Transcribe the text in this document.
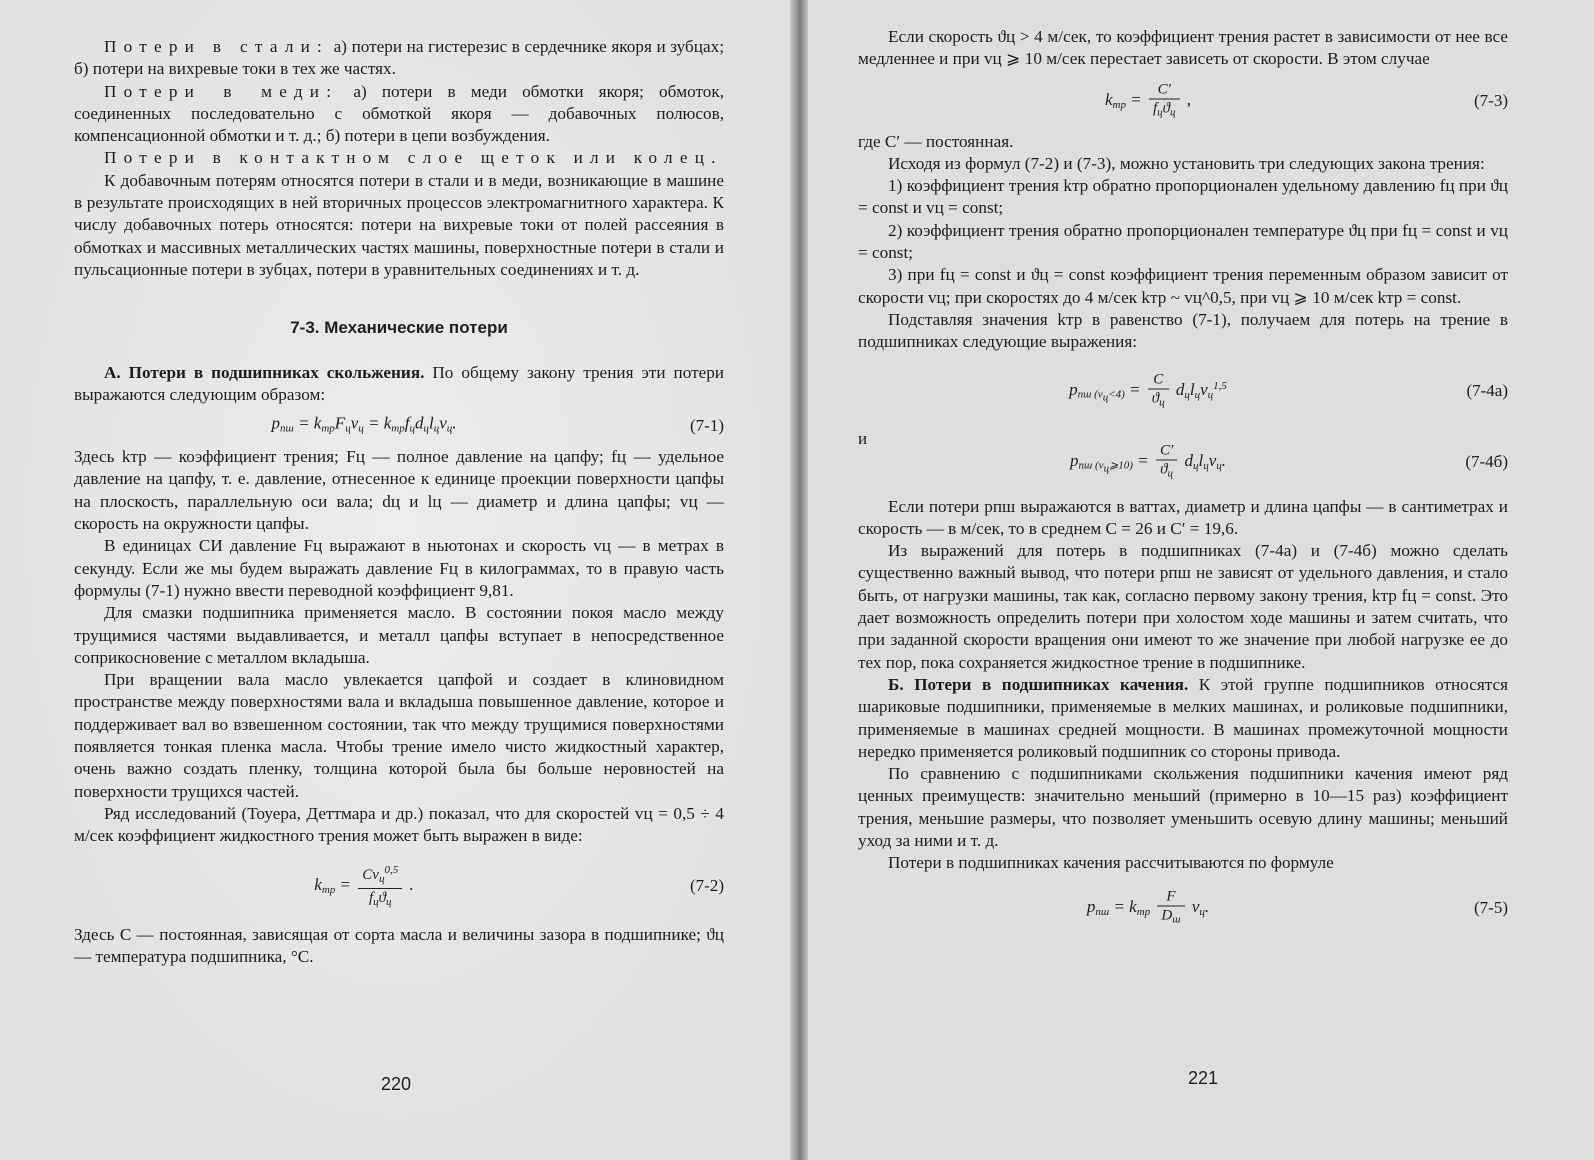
Потери в стали: а) потери на гистерезис в сердечнике якоря и зубцах; б) потери на вихревые токи в тех же частях.

Потери в меди: а) потери в меди обмотки якоря; обмоток, соединенных последовательно с обмоткой якоря — добавочных полюсов, компенсационной обмотки и т. д.; б) потери в цепи возбуждения.

Потери в контактном слое щеток или колец.

К добавочным потерям относятся потери в стали и в меди, возникающие в машине в результате происходящих в ней вторичных процессов электромагнитного характера. К числу добавочных потерь относятся: потери на вихревые токи от полей рассеяния в обмотках и массивных металлических частях машины, поверхностные потери в стали и пульсационные потери в зубцах, потери в уравнительных соединениях и т. д.

7-3. Механические потери

А. Потери в подшипниках скольжения. По общему закону трения эти потери выражаются следующим образом:

$p_{пш} = k_{тр}F_цv_ц = k_{тр}f_цd_цl_цv_ц$.	(7-1)

Здесь kтр — коэффициент трения; Fц — полное давление на цапфу; fц — удельное давление на цапфу, т. е. давление, отнесенное к единице проекции поверхности цапфы на плоскость, параллельную оси вала; dц и lц — диаметр и длина цапфы; vц — скорость на окружности цапфы.

В единицах СИ давление Fц выражают в ньютонах и скорость vц — в метрах в секунду. Если же мы будем выражать давление Fц в килограммах, то в правую часть формулы (7-1) нужно ввести переводной коэффициент 9,81.

Для смазки подшипника применяется масло. В состоянии покоя масло между трущимися частями выдавливается, и металл цапфы вступает в непосредственное соприкосновение с металлом вкладыша.

При вращении вала масло увлекается цапфой и создает в клиновидном пространстве между поверхностями вала и вкладыша повышенное давление, которое и поддерживает вал во взвешенном состоянии, так что между трущимися поверхностями появляется тонкая пленка масла. Чтобы трение имело чисто жидкостный характер, очень важно создать пленку, толщина которой была бы больше неровностей на поверхности трущихся частей.

Ряд исследований (Тоуера, Деттмара и др.) показал, что для скоростей vц = 0,5 ÷ 4 м/сек коэффициент жидкостного трения может быть выражен в виде:

$k_{тр} = \frac{Cv_ц^{0,5}}{f_цϑ_ц}$ .	(7-2)

Здесь C — постоянная, зависящая от сорта масла и величины зазора в подшипнике; ϑц — температура подшипника, °C.

220

Если скорость ϑц > 4 м/сек, то коэффициент трения растет в зависимости от нее все медленнее и при vц ⩾ 10 м/сек перестает зависеть от скорости. В этом случае

$k_{тр} = \frac{C'}{f_цϑ_ц}$ ,	(7-3)

где C′ — постоянная.

Исходя из формул (7-2) и (7-3), можно установить три следующих закона трения:

1) коэффициент трения kтр обратно пропорционален удельному давлению fц при ϑц = const и vц = const;

2) коэффициент трения обратно пропорционален температуре ϑц при fц = const и vц = const;

3) при fц = const и ϑц = const коэффициент трения переменным образом зависит от скорости vц; при скоростях до 4 м/сек kтр ~ vц^0,5, при vц ⩾ 10 м/сек kтр = const.

Подставляя значения kтр в равенство (7-1), получаем для потерь на трение в подшипниках следующие выражения:

$p_{пш (vц<4)} = \frac{C}{ϑ_ц} d_цl_цv_ц^{1,5}$	(7-4а)
и
$p_{пш (vц⩾10)} = \frac{C'}{ϑ_ц} d_цl_цv_ц$.	(7-4б)

Если потери pпш выражаются в ваттах, диаметр и длина цапфы — в сантиметрах и скорость — в м/сек, то в среднем C = 26 и C′ = 19,6.

Из выражений для потерь в подшипниках (7-4а) и (7-4б) можно сделать существенно важный вывод, что потери pпш не зависят от удельного давления, и стало быть, от нагрузки машины, так как, согласно первому закону трения, kтр fц = const. Это дает возможность определить потери при холостом ходе машины и затем считать, что при заданной скорости вращения они имеют то же значение при любой нагрузке ее до тех пор, пока сохраняется жидкостное трение в подшипнике.

Б. Потери в подшипниках качения. К этой группе подшипников относятся шариковые подшипники, применяемые в мелких машинах, и роликовые подшипники, применяемые в машинах средней мощности. В машинах промежуточной мощности нередко применяется роликовый подшипник со стороны привода.

По сравнению с подшипниками скольжения подшипники качения имеют ряд ценных преимуществ: значительно меньший (примерно в 10—15 раз) коэффициент трения, меньшие размеры, что позволяет уменьшить осевую длину машины; меньший уход за ними и т. д.

Потери в подшипниках качения рассчитываются по формуле

$p_{пш} = k_{тр} \frac{F}{D_ш} v_ц$.	(7-5)
221
